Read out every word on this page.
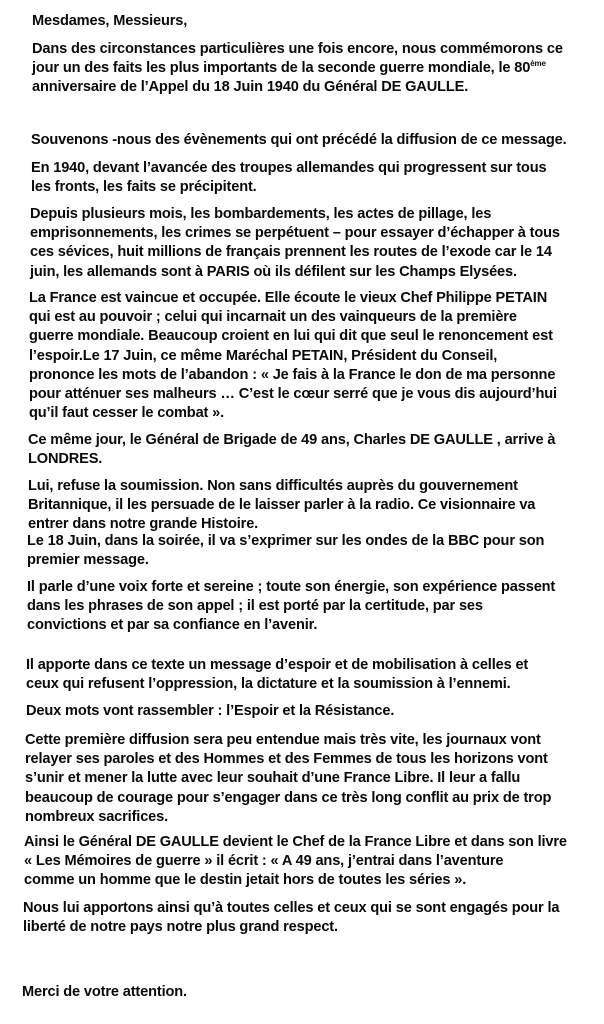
Mesdames, Messieurs,

Dans des circonstances particulières une fois encore, nous commémorons ce
jour un des faits les plus importants de la seconde guerre mondiale, le 80ème
anniversaire de l’Appel du 18 Juin 1940 du Général DE GAULLE.

Souvenons -nous des évènements qui ont précédé la diffusion de ce message.

En 1940, devant l’avancée des troupes allemandes qui progressent sur tous
les fronts, les faits se précipitent.

Depuis plusieurs mois, les bombardements, les actes de pillage, les
emprisonnements, les crimes se perpétuent – pour essayer d’échapper à tous
ces sévices, huit millions de français prennent les routes de l’exode car le 14
juin, les allemands sont à PARIS où ils défilent sur les Champs Elysées.

La France est vaincue et occupée. Elle écoute le vieux Chef Philippe PETAIN
qui est au pouvoir ; celui qui incarnait un des vainqueurs de la première
guerre mondiale. Beaucoup croient en lui qui dit que seul le renoncement est
l’espoir.Le 17 Juin, ce même Maréchal PETAIN, Président du Conseil,
prononce les mots de l’abandon : « Je fais à la France le don de ma personne
pour atténuer ses malheurs … C’est le cœur serré que je vous dis aujourd’hui
qu’il faut cesser le combat ».

Ce même jour, le Général de Brigade de 49 ans, Charles DE GAULLE , arrive à
LONDRES.

Lui, refuse la soumission. Non sans difficultés auprès du gouvernement
Britannique, il les persuade de le laisser parler à la radio. Ce visionnaire va
entrer dans notre grande Histoire.

Le 18 Juin, dans la soirée, il va s’exprimer sur les ondes de la BBC pour son
premier message.

Il parle d’une voix forte et sereine ; toute son énergie, son expérience passent
dans les phrases de son appel ; il est porté par la certitude, par ses
convictions et par sa confiance en l’avenir.

Il apporte dans ce texte un message d’espoir et de mobilisation à celles et
ceux qui refusent l’oppression, la dictature et la soumission à l’ennemi.

Deux mots vont rassembler : l’Espoir et la Résistance.

Cette première diffusion sera peu entendue mais très vite, les journaux vont
relayer ses paroles et des Hommes et des Femmes de tous les horizons vont
s’unir et mener la lutte avec leur souhait d’une France Libre. Il leur a fallu
beaucoup de courage pour s’engager dans ce très long conflit au prix de trop
nombreux sacrifices.

Ainsi le Général DE GAULLE devient le Chef de la France Libre et dans son livre
« Les Mémoires de guerre » il écrit : « A 49 ans, j’entrai dans l’aventure
comme un homme que le destin jetait hors de toutes les séries ».

Nous lui apportons ainsi qu’à toutes celles et ceux qui se sont engagés pour la
liberté de notre pays notre plus grand respect.

Merci de votre attention.
